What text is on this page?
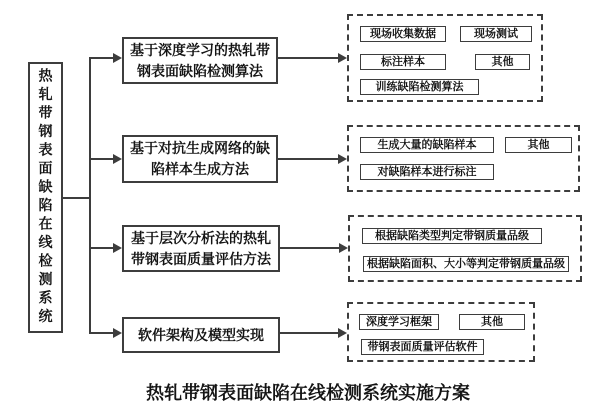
热轧带钢表面缺陷在线检测系统
基于深度学习的热轧带钢表面缺陷检测算法
基于对抗生成网络的缺陷样本生成方法
基于层次分析法的热轧带钢表面质量评估方法
软件架构及模型实现
现场收集数据	现场测试
标注样本	其他
训练缺陷检测算法
生成大量的缺陷样本	其他
对缺陷样本进行标注
根据缺陷类型判定带钢质量品级
根据缺陷面积、大小等判定带钢质量品级
深度学习框架	其他
带钢表面质量评估软件
热轧带钢表面缺陷在线检测系统实施方案
